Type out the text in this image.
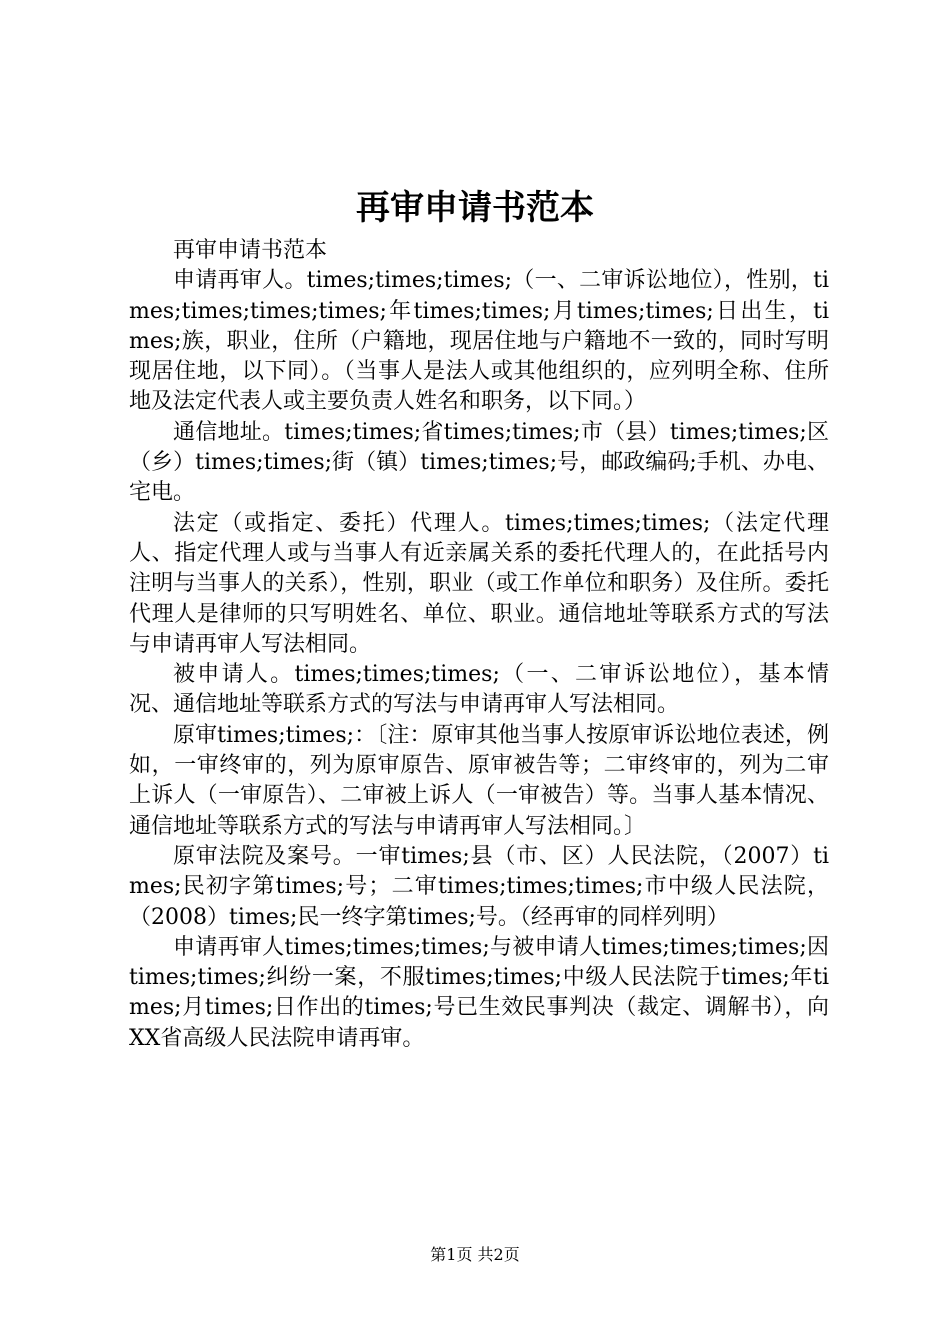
再审申请书范本

再审申请书范本

申请再审人。times;times;times;（一、二审诉讼地位），性别，times;times;times;times;年times;times;月times;times;日出生，times;族，职业，住所（户籍地，现居住地与户籍地不一致的，同时写明现居住地，以下同）。（当事人是法人或其他组织的，应列明全称、住所地及法定代表人或主要负责人姓名和职务，以下同。）

通信地址。times;times;省times;times;市（县）times;times;区（乡）times;times;街（镇）times;times;号，邮政编码;手机、办电、宅电。

法定（或指定、委托）代理人。times;times;times;（法定代理人、指定代理人或与当事人有近亲属关系的委托代理人的，在此括号内注明与当事人的关系），性别，职业（或工作单位和职务）及住所。委托代理人是律师的只写明姓名、单位、职业。通信地址等联系方式的写法与申请再审人写法相同。

被申请人。times;times;times;（一、二审诉讼地位），基本情况、通信地址等联系方式的写法与申请再审人写法相同。

原审times;times;：〔注：原审其他当事人按原审诉讼地位表述，例如，一审终审的，列为原审原告、原审被告等；二审终审的，列为二审上诉人（一审原告）、二审被上诉人（一审被告）等。当事人基本情况、通信地址等联系方式的写法与申请再审人写法相同。〕

原审法院及案号。一审times;县（市、区）人民法院，（2007）times;民初字第times;号；二审times;times;times;市中级人民法院，（2008）times;民一终字第times;号。（经再审的同样列明）

申请再审人times;times;times;与被申请人times;times;times;因times;times;纠纷一案，不服times;times;中级人民法院于times;年times;月times;日作出的times;号已生效民事判决（裁定、调解书），向XX省高级人民法院申请再审。

第1页 共2页
